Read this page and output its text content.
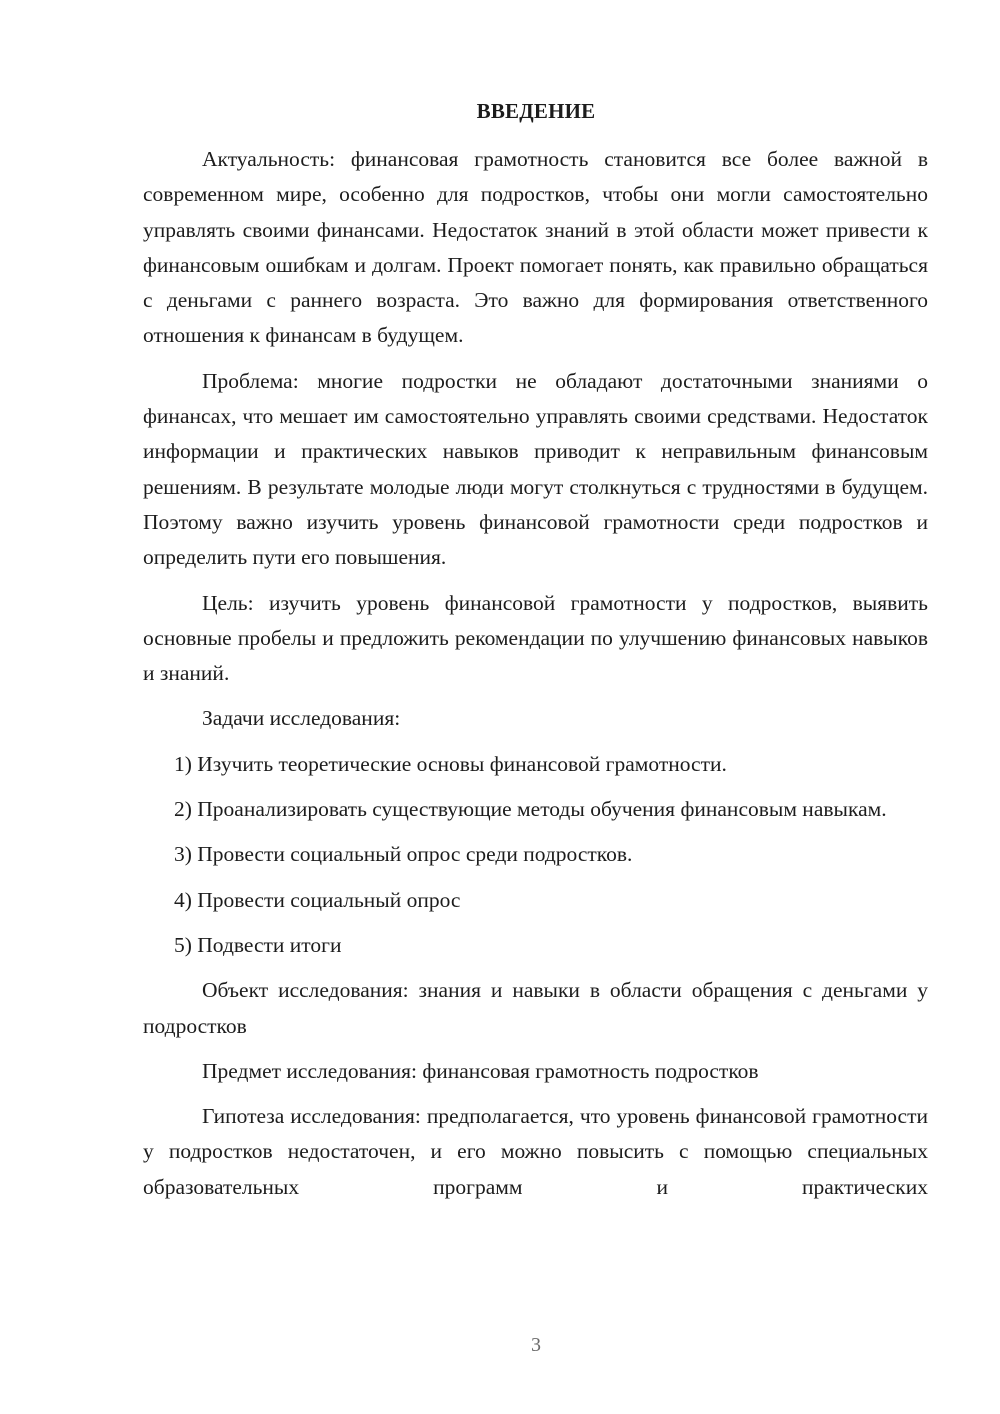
ВВЕДЕНИЕ

Актуальность: финансовая грамотность становится все более важной в современном мире, особенно для подростков, чтобы они могли самостоятельно управлять своими финансами. Недостаток знаний в этой области может привести к финансовым ошибкам и долгам. Проект помогает понять, как правильно обращаться с деньгами с раннего возраста. Это важно для формирования ответственного отношения к финансам в будущем.

Проблема: многие подростки не обладают достаточными знаниями о финансах, что мешает им самостоятельно управлять своими средствами. Недостаток информации и практических навыков приводит к неправильным финансовым решениям. В результате молодые люди могут столкнуться с трудностями в будущем. Поэтому важно изучить уровень финансовой грамотности среди подростков и определить пути его повышения.

Цель: изучить уровень финансовой грамотности у подростков, выявить основные пробелы и предложить рекомендации по улучшению финансовых навыков и знаний.

Задачи исследования:

1) Изучить теоретические основы финансовой грамотности.

2) Проанализировать существующие методы обучения финансовым навыкам.

3) Провести социальный опрос среди подростков.

4) Провести социальный опрос

5) Подвести итоги

Объект исследования: знания и навыки в области обращения с деньгами у подростков

Предмет исследования: финансовая грамотность подростков

Гипотеза исследования: предполагается, что уровень финансовой грамотности у подростков недостаточен, и его можно повысить с помощью специальных образовательных программ и практических

3
